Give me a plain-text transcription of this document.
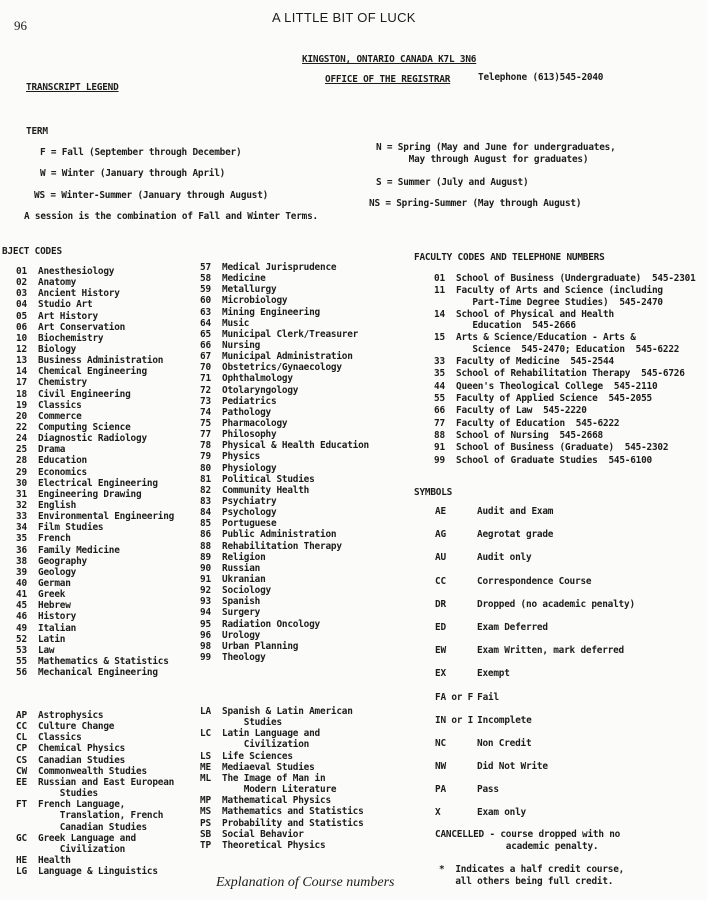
96
A LITTLE BIT OF LUCK
KINGSTON, ONTARIO CANADA K7L 3N6
TRANSCRIPT LEGEND
OFFICE OF THE REGISTRAR	Telephone (613)545-2040
TERM
F = Fall (September through December)
W = Winter (January through April)
WS = Winter-Summer (January through August)
N = Spring (May and June for undergraduates,
May through August for graduates)
S = Summer (July and August)
NS = Spring-Summer (May through August)
A session is the combination of Fall and Winter Terms.
BJECT CODES
01	Anesthesiology
02	Anatomy
03	Ancient History
04	Studio Art
05	Art History
06	Art Conservation
10	Biochemistry
12	Biology
13	Business Administration
14	Chemical Engineering
17	Chemistry
18	Civil Engineering
19	Classics
20	Commerce
22	Computing Science
24	Diagnostic Radiology
25	Drama
28	Education
29	Economics
30	Electrical Engineering
31	Engineering Drawing
32	English
33	Environmental Engineering
34	Film Studies
35	French
36	Family Medicine
38	Geography
39	Geology
40	German
41	Greek
45	Hebrew
46	History
49	Italian
52	Latin
53	Law
55	Mathematics & Statistics
56	Mechanical Engineering
57	Medical Jurisprudence
58	Medicine
59	Metallurgy
60	Microbiology
63	Mining Engineering
64	Music
65	Municipal Clerk/Treasurer
66	Nursing
67	Municipal Administration
70	Obstetrics/Gynaecology
71	Ophthalmology
72	Otolaryngology
73	Pediatrics
74	Pathology
75	Pharmacology
77	Philosophy
78	Physical & Health Education
79	Physics
80	Physiology
81	Political Studies
82	Community Health
83	Psychiatry
84	Psychology
85	Portuguese
86	Public Administration
88	Rehabilitation Therapy
89	Religion
90	Russian
91	Ukranian
92	Sociology
93	Spanish
94	Surgery
95	Radiation Oncology
96	Urology
98	Urban Planning
99	Theology
AP	Astrophysics
CC	Culture Change
CL	Classics
CP	Chemical Physics
CS	Canadian Studies
CW	Commonwealth Studies
EE	Russian and East European
Studies
FT	French Language,
Translation, French
Canadian Studies
GC	Greek Language and
Civilization
HE	Health
LG	Language & Linguistics
LA	Spanish & Latin American
Studies
LC	Latin Language and
Civilization
LS	Life Sciences
ME	Mediaeval Studies
ML	The Image of Man in
Modern Literature
MP	Mathematical Physics
MS	Mathematics and Statistics
PS	Probability and Statistics
SB	Social Behavior
TP	Theoretical Physics
FACULTY CODES AND TELEPHONE NUMBERS
01	School of Business (Undergraduate)  545-2301
11	Faculty of Arts and Science (including
Part-Time Degree Studies)  545-2470
14	School of Physical and Health
Education  545-2666
15	Arts & Science/Education - Arts &
Science  545-2470; Education  545-6222
33	Faculty of Medicine  545-2544
35	School of Rehabilitation Therapy  545-6726
44	Queen's Theological College  545-2110
55	Faculty of Applied Science  545-2055
66	Faculty of Law  545-2220
77	Faculty of Education  545-6222
88	School of Nursing  545-2668
91	School of Business (Graduate)  545-2302
99	School of Graduate Studies  545-6100
SYMBOLS
AE	Audit and Exam
AG	Aegrotat grade
AU	Audit only
CC	Correspondence Course
DR	Dropped (no academic penalty)
ED	Exam Deferred
EW	Exam Written, mark deferred
EX	Exempt
FA or F Fail
IN or I Incomplete
NC	Non Credit
NW	Did Not Write
PA	Pass
X	Exam only
CANCELLED - course dropped with no
academic penalty.
*  Indicates a half credit course,
all others being full credit.
Explanation of Course numbers
